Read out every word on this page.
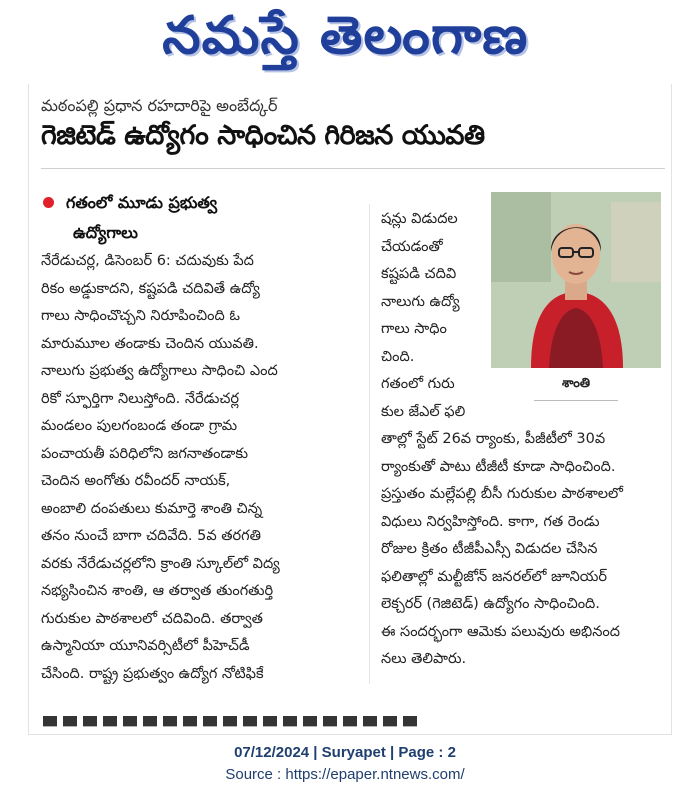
నమస్తే తెలంగాణ
మఠంపల్లి ప్రధాన రహదారిపై అంబేద్కర్
గెజిటెడ్ ఉద్యోగం సాధించిన గిరిజన యువతి
గతంలో మూడు ప్రభుత్వ
ఉద్యోగాలు
నేరేడుచర్ల, డిసెంబర్ 6: చదువుకు పేద
రికం అడ్డుకాదని, కష్టపడి చదివితే ఉద్యో
గాలు సాధించొచ్చని నిరూపించింది ఓ
మారుమూల తండాకు చెందిన యువతి.
నాలుగు ప్రభుత్వ ఉద్యోగాలు సాధించి ఎంద
రికో స్ఫూర్తిగా నిలుస్తోంది. నేరేడుచర్ల
మండలం పులగంబండ తండా గ్రామ
పంచాయతీ పరిధిలోని జగనాతండాకు
చెందిన అంగోతు రవీందర్ నాయక్,
అంబాలి దంపతులు కుమార్తె శాంతి చిన్న
తనం నుంచే బాగా చదివేది. 5వ తరగతి
వరకు నేరేడుచర్లలోని క్రాంతి స్కూల్‌లో విద్య
నభ్యసించిన శాంతి, ఆ తర్వాత తుంగతుర్తి
గురుకుల పాఠశాలలో చదివింది. తర్వాత
ఉస్మానియా యూనివర్సిటీలో పీహెచ్‌డీ
చేసింది. రాష్ట్ర ప్రభుత్వం ఉద్యోగ నోటిఫికే
షన్లు విడుదల
చేయడంతో
కష్టపడి చదివి
నాలుగు ఉద్యో
గాలు సాధిం
చింది.
గతంలో గురు
కుల జేఎల్ ఫలి
శాంతి
తాల్లో స్టేట్ 26వ ర్యాంకు, పీజీటీలో 30వ
ర్యాంకుతో పాటు టీజీటీ కూడా సాధించింది.
ప్రస్తుతం మల్లేపల్లి బీసీ గురుకుల పాఠశాలలో
విధులు నిర్వహిస్తోంది. కాగా, గత రెండు
రోజుల క్రితం టీజీపీఎస్సీ విడుదల చేసిన
ఫలితాల్లో మల్టీజోన్ జనరల్‌లో జూనియర్
లెక్చరర్ (గెజిటెడ్) ఉద్యోగం సాధించింది.
ఈ సందర్భంగా ఆమెకు పలువురు అభినంద
నలు తెలిపారు.
07/12/2024 | Suryapet | Page : 2
Source : https://epaper.ntnews.com/
